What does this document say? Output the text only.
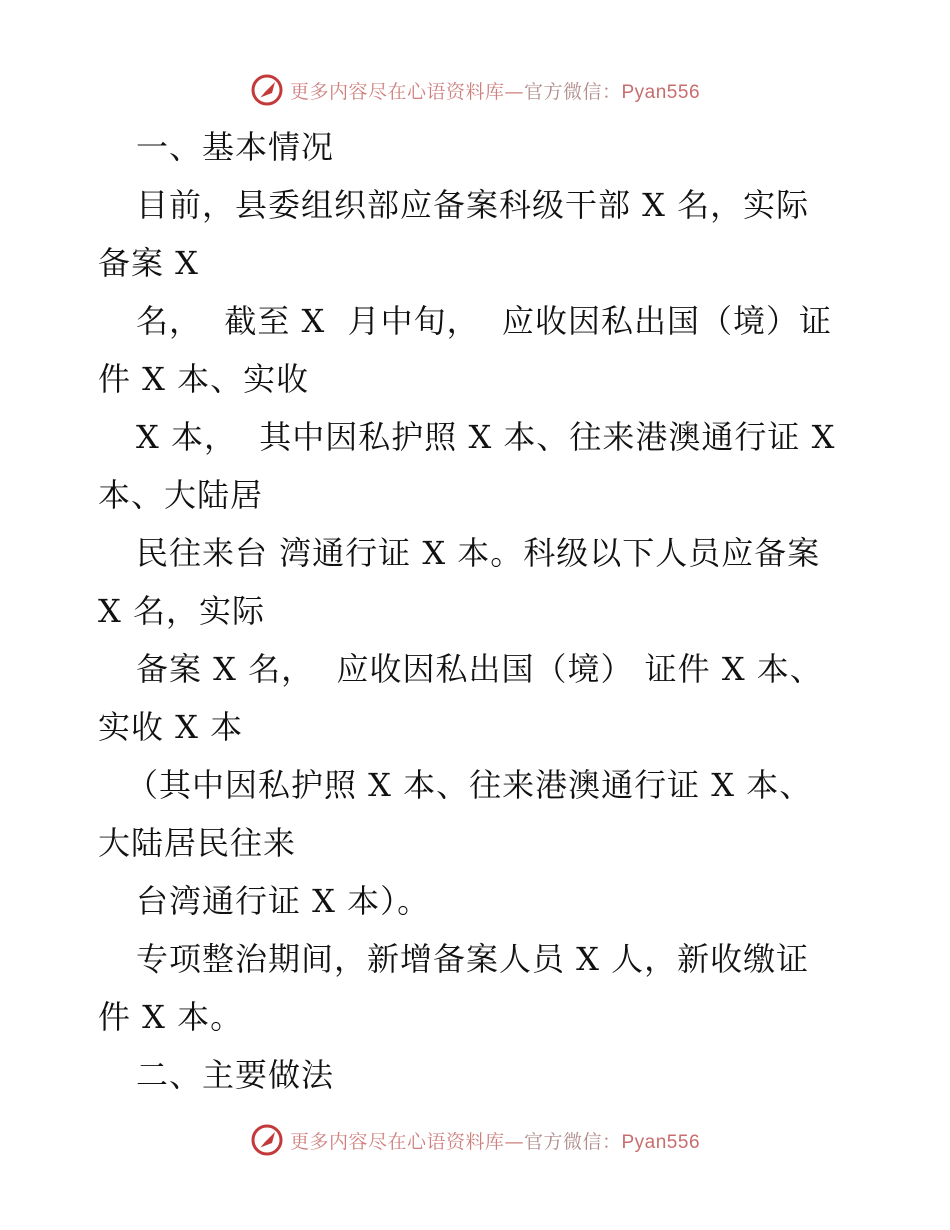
更多内容尽在心语资料库—官方微信：Pyan556
一、基本情况
目前，县委组织部应备案科级干部 X 名，实际
备案 X
名，  截至 X  月中旬，  应收因私出国（境）证
件 X 本、实收
X 本，  其中因私护照 X 本、往来港澳通行证 X
本、大陆居
民往来台 湾通行证 X 本。科级以下人员应备案
X 名，实际
备案 X 名，  应收因私出国（境） 证件 X 本、
实收 X 本
（其中因私护照 X 本、往来港澳通行证 X 本、
大陆居民往来
台湾通行证 X 本）。
专项整治期间，新增备案人员 X 人，新收缴证
件 X 本。
二、主要做法
更多内容尽在心语资料库—官方微信：Pyan556
